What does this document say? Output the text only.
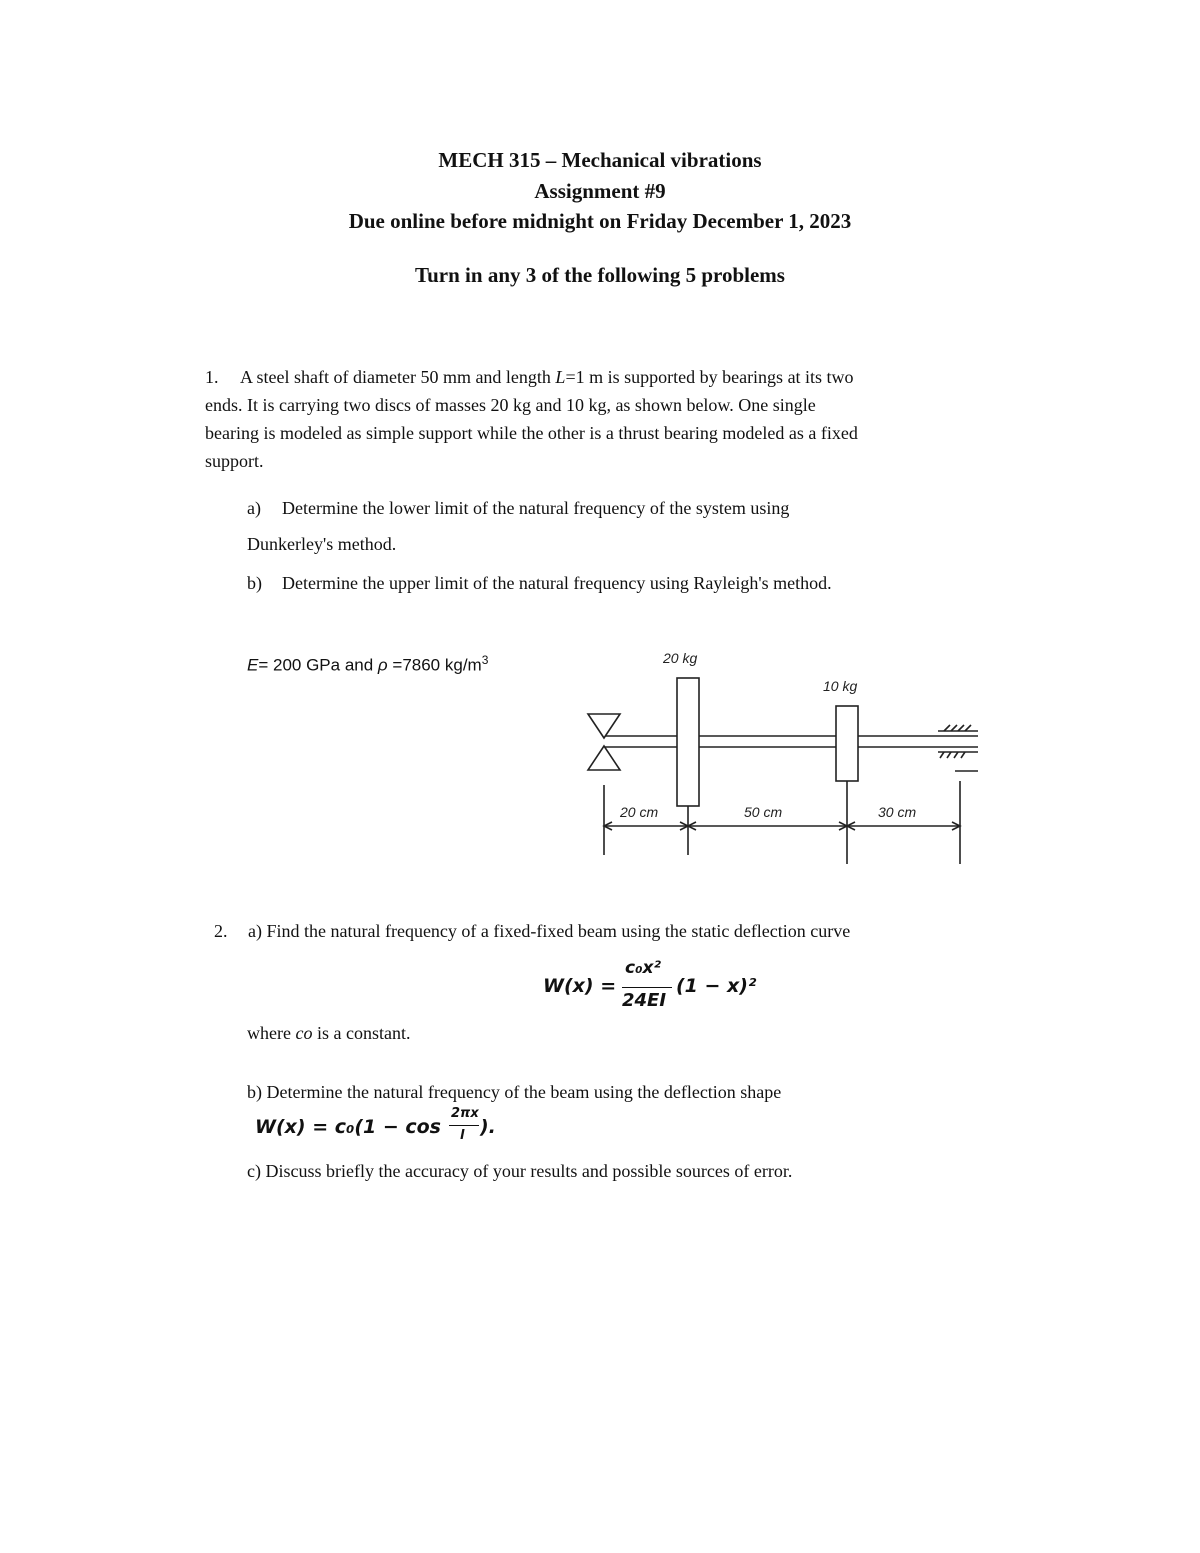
MECH 315 – Mechanical vibrations
Assignment #9
Due online before midnight on Friday December 1, 2023
Turn in any 3 of the following 5 problems
1. A steel shaft of diameter 50 mm and length L=1 m is supported by bearings at its two
ends. It is carrying two discs of masses 20 kg and 10 kg, as shown below. One single
bearing is modeled as simple support while the other is a thrust bearing modeled as a fixed
support.
a) Determine the lower limit of the natural frequency of the system using
Dunkerley's method.
b) Determine the upper limit of the natural frequency using Rayleigh's method.
E= 200 GPa and ρ =7860 $kg/m^3$	20 kg
10 kg
20 cm	50 cm	30 cm
2. a) Find the natural frequency of a fixed-fixed beam using the static deflection curve
W(x) =
c₀x²
24EI
(1 − x)²
where co is a constant.
b) Determine the natural frequency of the beam using the deflection shape
W(x) = c₀(1 − cos
2πx
l ).
c) Discuss briefly the accuracy of your results and possible sources of error.
